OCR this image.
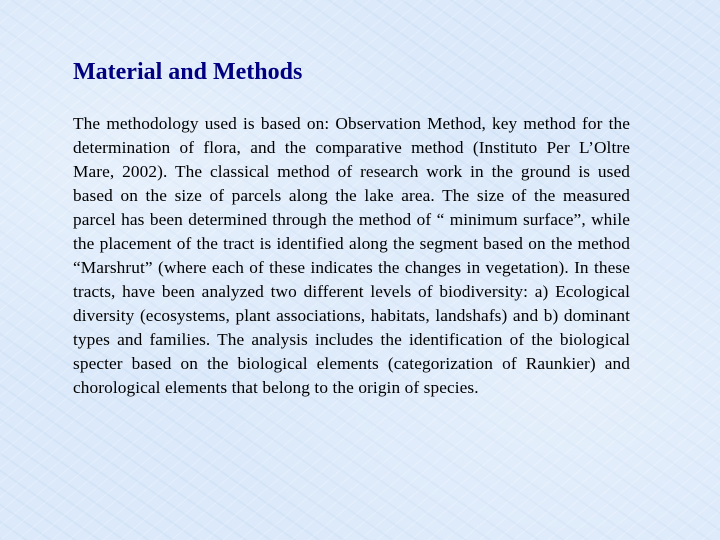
Material and Methods

The methodology used is based on: Observation Method, key method for the determination of flora, and the comparative method (Instituto Per L’Oltre Mare, 2002). The classical method of research work in the ground is used based on the size of parcels along the lake area. The size of the measured parcel has been determined through the method of “ minimum surface”, while the placement of the tract is identified along the segment based on the method “Marshrut” (where each of these indicates the changes in vegetation). In these tracts, have been analyzed two different levels of biodiversity: a) Ecological diversity (ecosystems, plant associations, habitats, landshafs) and b) dominant types and families. The analysis includes the identification of the biological specter based on the biological elements (categorization of Raunkier) and chorological elements that belong to the origin of species.
